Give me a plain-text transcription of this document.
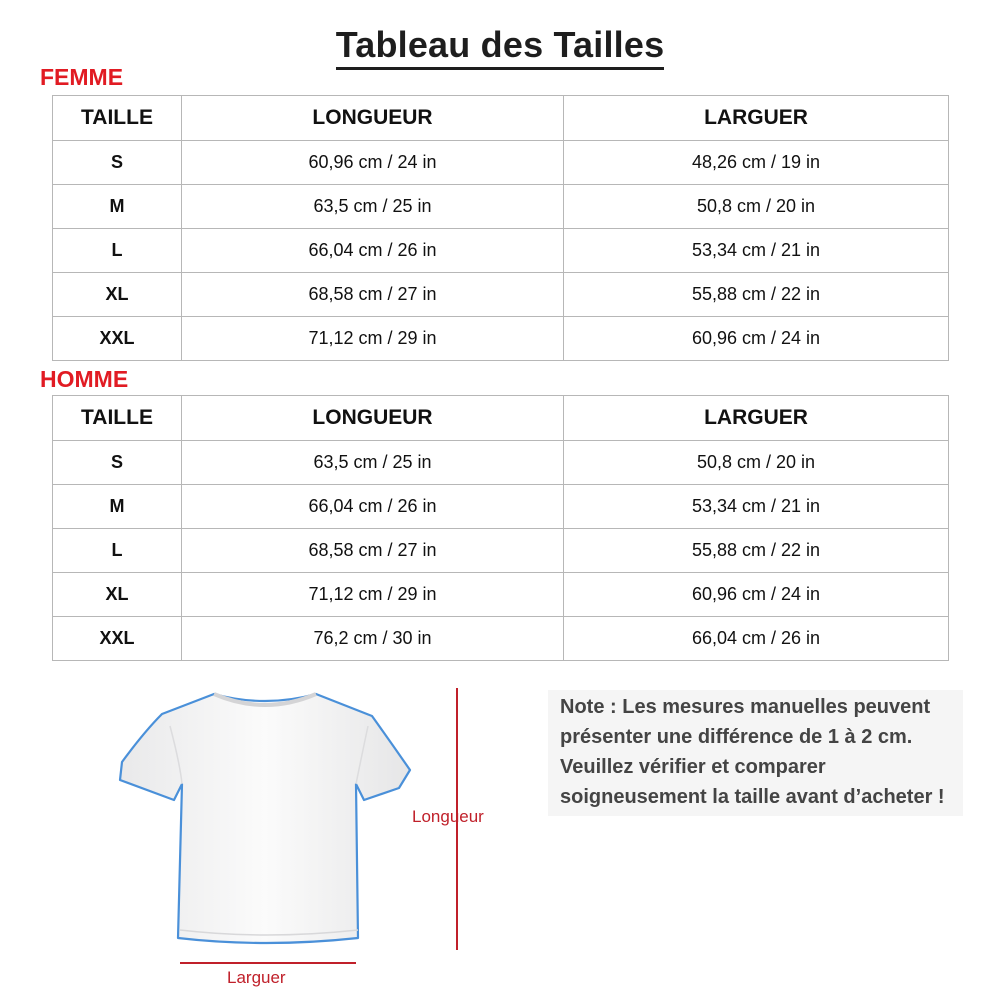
Tableau des Tailles
FEMME
TAILLE	LONGUEUR	LARGUER
S	60,96 cm / 24 in	48,26 cm / 19 in
M	63,5 cm / 25 in	50,8 cm / 20 in
L	66,04 cm / 26 in	53,34 cm / 21 in
XL	68,58 cm / 27 in	55,88 cm / 22 in
XXL	71,12 cm / 29 in	60,96 cm / 24 in
HOMME
TAILLE	LONGUEUR	LARGUER
S	63,5 cm / 25 in	50,8 cm / 20 in
M	66,04 cm / 26 in	53,34 cm / 21 in
L	68,58 cm / 27 in	55,88 cm / 22 in
XL	71,12 cm / 29 in	60,96 cm / 24 in
XXL	76,2 cm / 30 in	66,04 cm / 26 in
Longueur
Larguer
Note : Les mesures manuelles peuvent présenter une différence de 1 à 2 cm. Veuillez vérifier et comparer soigneusement la taille avant d’acheter !
